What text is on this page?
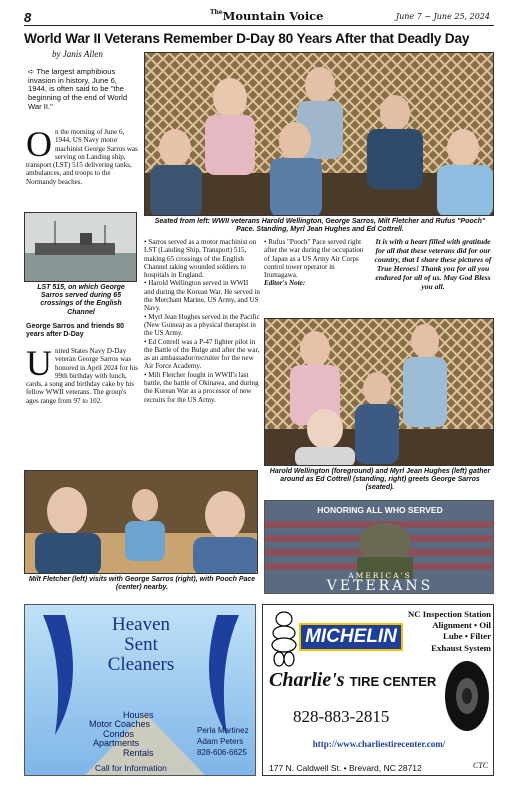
8	$^{The}$Mountain Voice	June 7 ~ June 25, 2024
World War II Veterans Remember D-Day 80 Years After that Deadly Day
by Janis Allen
➪ The largest amphibious invasion in history, June 6, 1944, is often said to be "the beginning of the end of World War II."
O n the morning of June 6, 1944, US Navy motor machinist George Sarros was serving on Landing ship, transport (LST) 515 delivering tanks, ambulances, and troops to the Normandy beaches.
Seated from left: WWII veterans Harold Wellington, George Sarros, Milt Fletcher and Rufus "Pooch" Pace. Standing, Myrl Jean Hughes and Ed Cottrell.
LST 515, on which George Sarros served during 65 crossings of the English Channel
George Sarros and friends 80 years after D-Day
U nited States Navy D-Day veteran George Sarros was honored in April 2024 for his 99th birthday with lunch, cards, a song and birthday cake by his fellow WWII veterans. The group's ages range from 97 to 102.

• Sarros served as a motor machinist on LST (Landing Ship, Transport) 515, making 65 crossings of the English Channel taking wounded soldiers to hospitals in England.

• Harold Wellington served in WWII and during the Korean War. He served in the Merchant Marine, US Army, and US Navy.

• Myrl Jean Hughes served in the Pacific (New Guinea) as a physical therapist in the US Army.

• Ed Cottrell was a P-47 fighter pilot in the Battle of the Bulge and after the war, as an ambassador/recruiter for the new Air Force Academy.

• Milt Fletcher fought in WWII's last battle, the battle of Okinawa, and during the Korean War as a processor of new recruits for the US Army.

• Rufus "Pooch" Pace served right after the war during the occupation of Japan as a US Army Air Corps control tower operator in Irumagawa.

Editor's Note:

It is with a heart filled with gratitude for all that these veterans did for our country, that I share these pictures of True Heroes! Thank you for all you endured for all of us. May God Bless you all.
Harold Wellington (foreground) and Myrl Jean Hughes (left) gather around as Ed Cottrell (standing, right) greets George Sarros (seated).
Milt Fletcher (left) visits with George Sarros (right), with Pooch Pace (center) nearby.
HONORING ALL WHO SERVED
AMERICA'S
VETERANS
Heaven
Sent
Cleaners
Houses
Motor Coaches
Condos
Apartments
Rentals
Call for Information
Perla Martinez
Adam Peters
828-606-6625
NC Inspection Station
Alignment • Oil
Lube • Filter
Exhaust System
MICHELIN
Charlie's TIRE CENTER
828-883-2815
http://www.charliestirecenter.com/
177 N. Caldwell St. • Brevard, NC 28712	CTC
